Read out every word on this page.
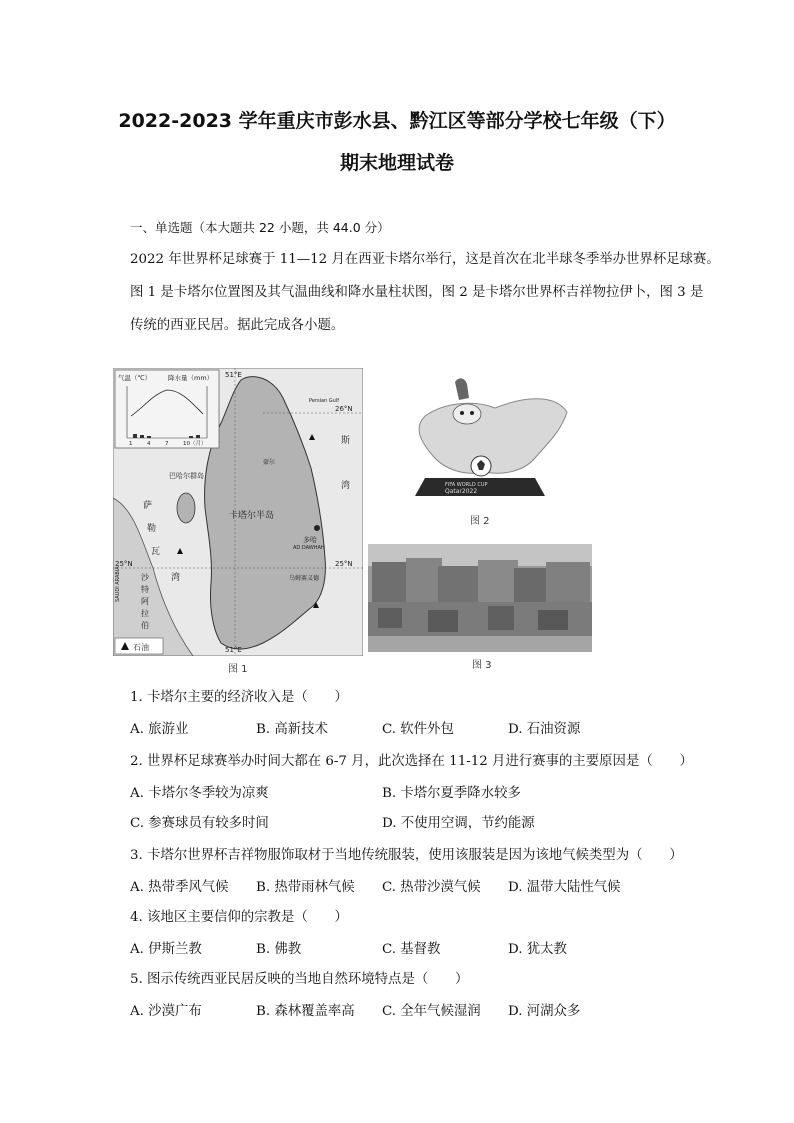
2022-2023 学年重庆市彭水县、黔江区等部分学校七年级（下）
期末地理试卷
一、单选题（本大题共 22 小题，共 44.0 分）
2022 年世界杯足球赛于 11—12 月在西亚卡塔尔举行，这是首次在北半球冬季举办世界杯足球赛。
图 1 是卡塔尔位置图及其气温曲线和降水量柱状图，图 2 是卡塔尔世界杯吉祥物拉伊卜，图 3 是
传统的西亚民居。据此完成各小题。
气温（℃）	降水量（mm）
1	4	7	10（月）
51°E
51°E
26°N
25°N	25°N
Persian Gulf
卡塔尔半岛
巴哈尔群岛
斯
湾
萨
勒
瓦
湾
沙
特
阿
拉
伯
SAUDI ARABIA
多哈
AD DAWHAH
豪尔
乌姆赛义德
石油
图 1
FIFA WORLD CUP
Qatar2022
图 2
图 3
1. 卡塔尔主要的经济收入是（　　）
A. 旅游业	B. 高新技术	C. 软件外包	D. 石油资源
2. 世界杯足球赛举办时间大都在 6-7 月，此次选择在 11-12 月进行赛事的主要原因是（　　）
A. 卡塔尔冬季较为凉爽	B. 卡塔尔夏季降水较多
C. 参赛球员有较多时间	D. 不使用空调，节约能源
3. 卡塔尔世界杯吉祥物服饰取材于当地传统服装，使用该服装是因为该地气候类型为（　　）
A. 热带季风气候 B. 热带雨林气候 C. 热带沙漠气候 D. 温带大陆性气候
4. 该地区主要信仰的宗教是（　　）
A. 伊斯兰教	B. 佛教	C. 基督教	D. 犹太教
5. 图示传统西亚民居反映的当地自然环境特点是（　　）
A. 沙漠广布	B. 森林覆盖率高 C. 全年气候湿润 D. 河湖众多
